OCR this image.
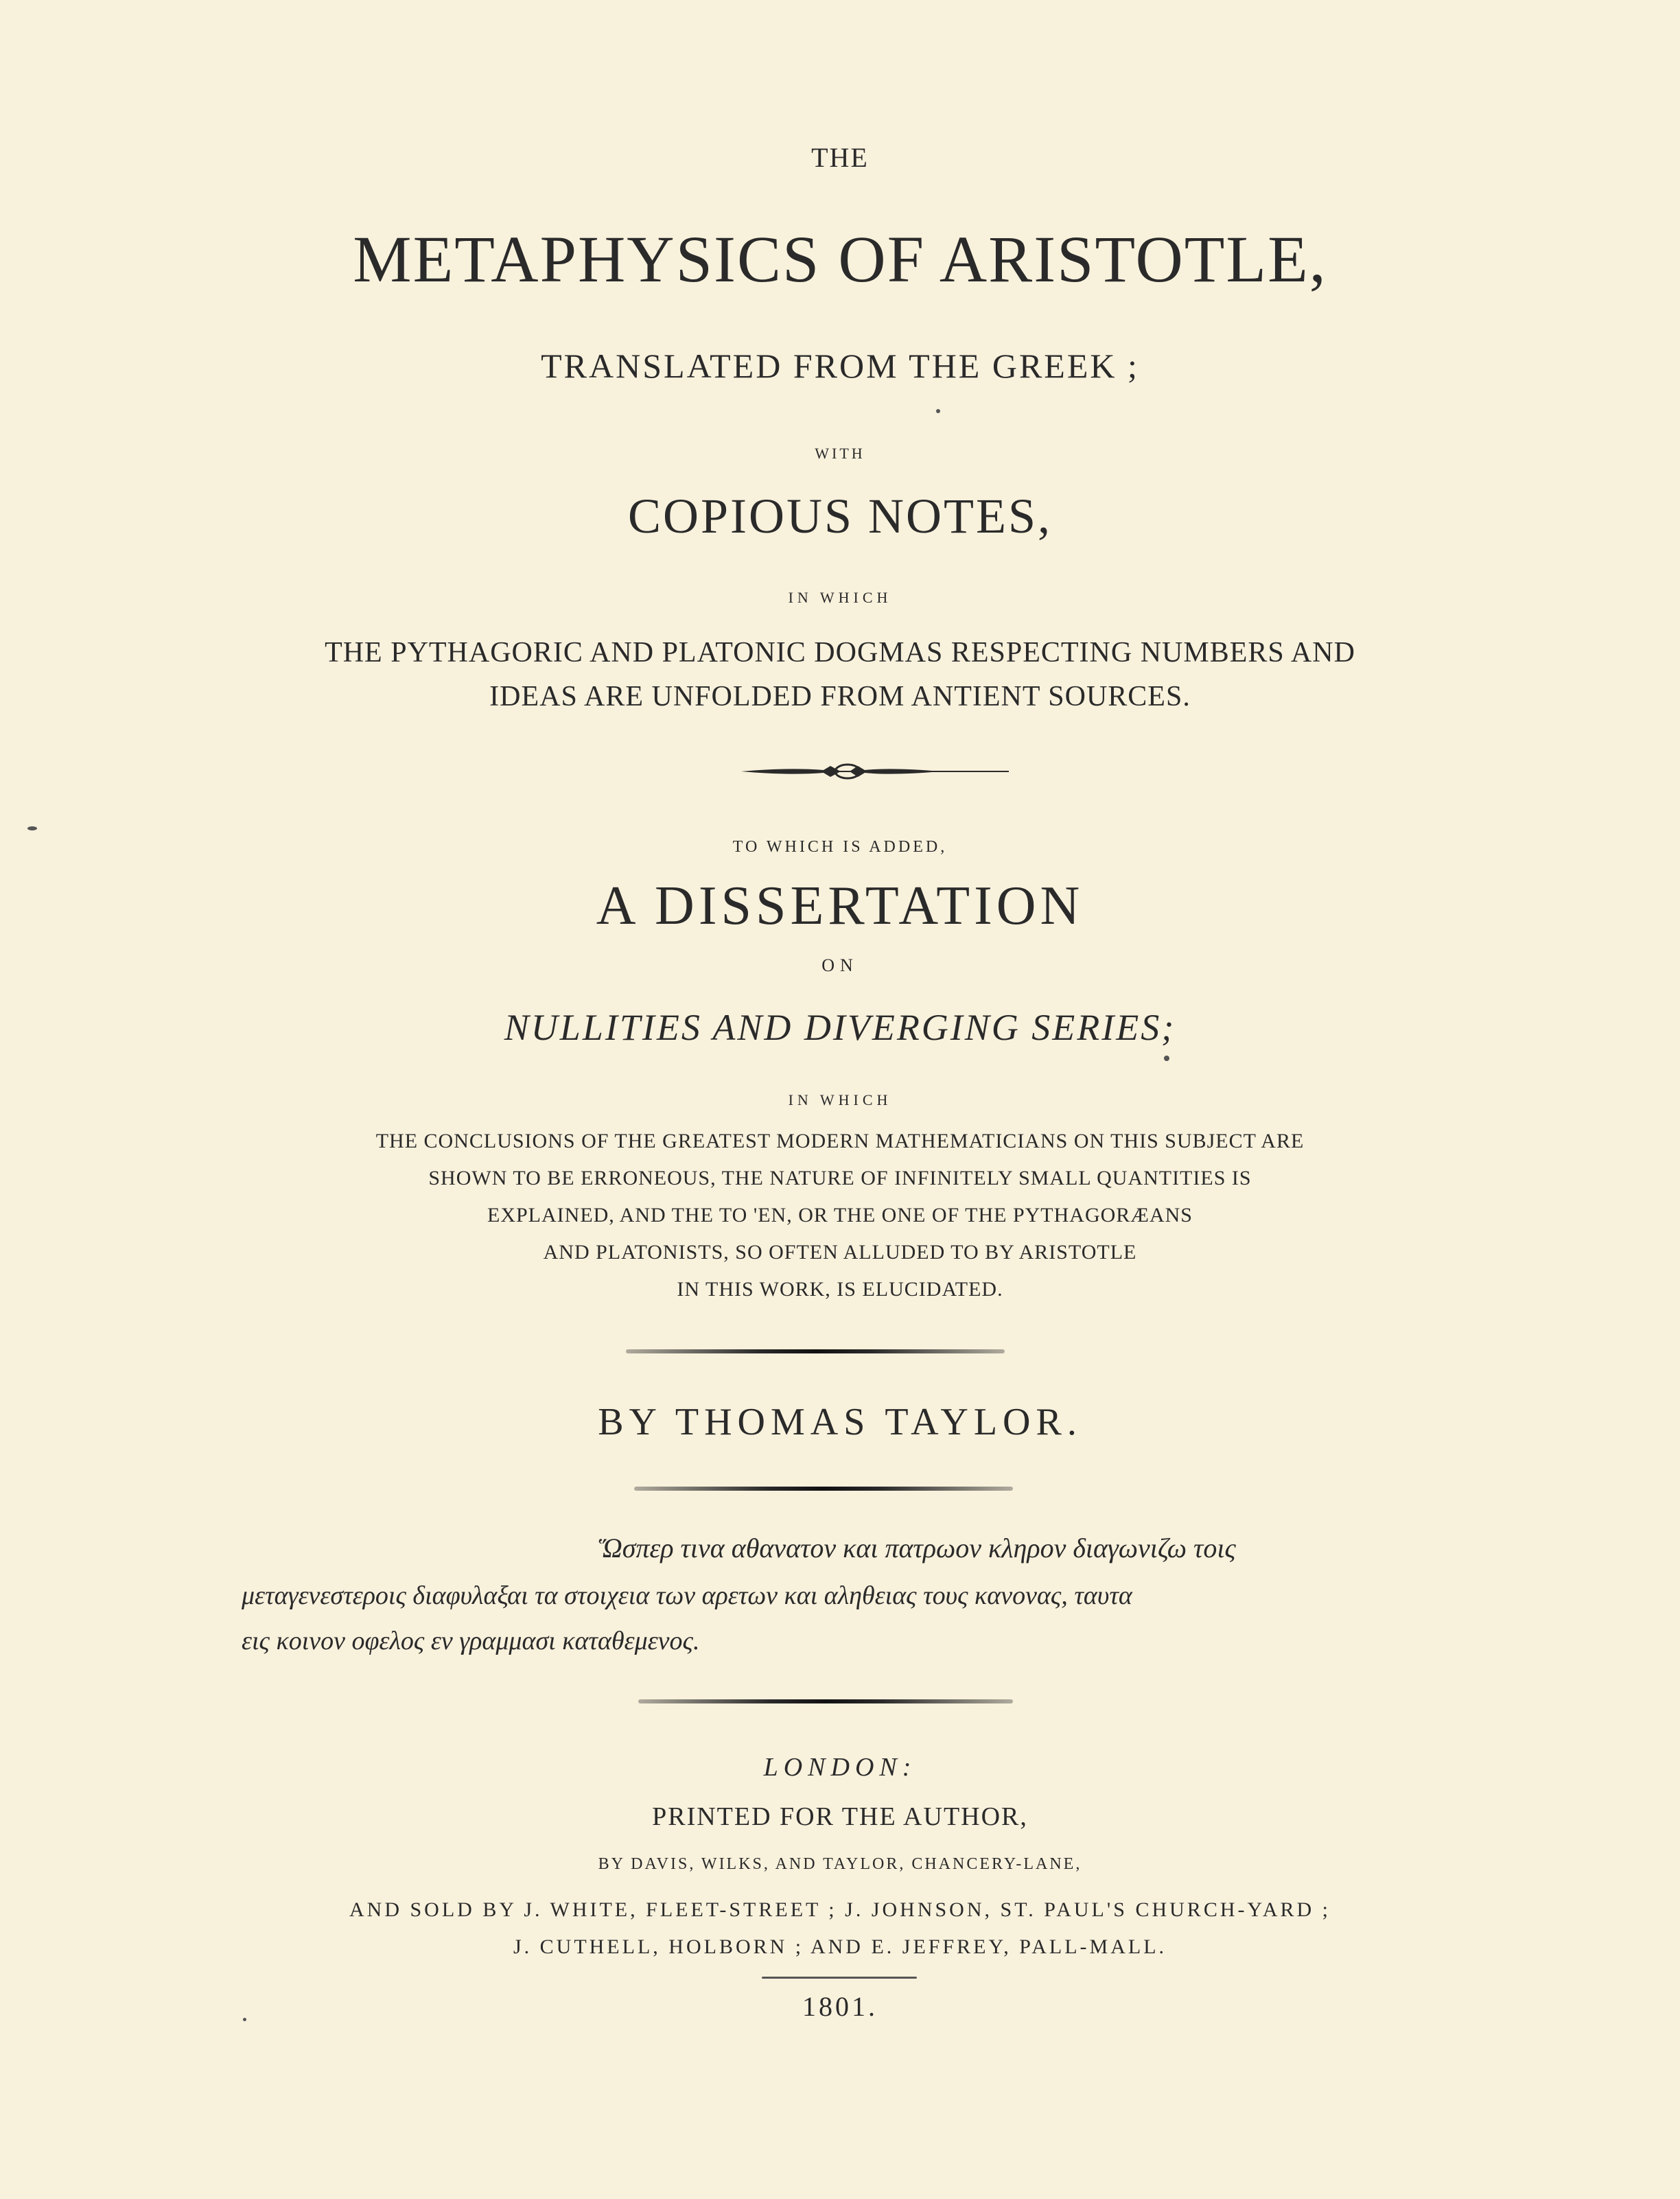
THE
METAPHYSICS OF ARISTOTLE,
TRANSLATED FROM THE GREEK ;
WITH
COPIOUS NOTES,
IN WHICH
THE PYTHAGORIC AND PLATONIC DOGMAS RESPECTING NUMBERS AND
IDEAS ARE UNFOLDED FROM ANTIENT SOURCES.
TO WHICH IS ADDED,
A DISSERTATION
ON
NULLITIES AND DIVERGING SERIES;
IN WHICH
THE CONCLUSIONS OF THE GREATEST MODERN MATHEMATICIANS ON THIS SUBJECT ARE
SHOWN TO BE ERRONEOUS, THE NATURE OF INFINITELY SMALL QUANTITIES IS
EXPLAINED, AND THE TO 'EN, OR THE ONE OF THE PYTHAGORÆANS
AND PLATONISTS, SO OFTEN ALLUDED TO BY ARISTOTLE
IN THIS WORK, IS ELUCIDATED.
BY THOMAS TAYLOR.
Ὥσπερ τινα αθανατον και πατρωον κληρον διαγωνιζω τοις
μεταγενεστεροις διαφυλαξαι τα στοιχεια των αρετων και αληθειας τους κανονας, ταυτα
εις κοινον οφελος εν γραμμασι καταθεμενος.
LONDON:
PRINTED FOR THE AUTHOR,
BY DAVIS, WILKS, AND TAYLOR, CHANCERY-LANE,
AND SOLD BY J. WHITE, FLEET-STREET ; J. JOHNSON, ST. PAUL'S CHURCH-YARD ;
J. CUTHELL, HOLBORN ; AND E. JEFFREY, PALL-MALL.
1801.
